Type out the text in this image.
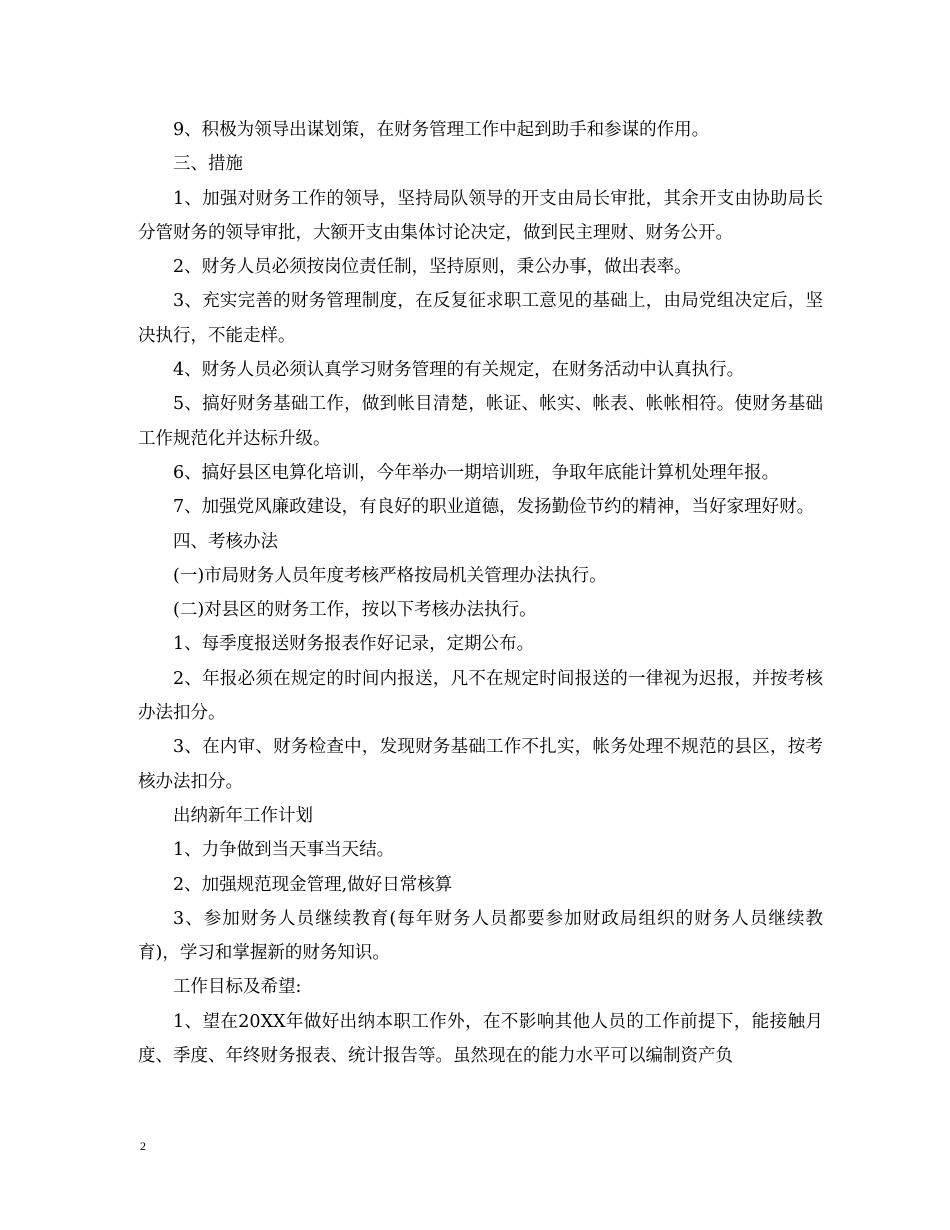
9、积极为领导出谋划策，在财务管理工作中起到助手和参谋的作用。

三、措施

1、加强对财务工作的领导，坚持局队领导的开支由局长审批，其余开支由协助局长分管财务的领导审批，大额开支由集体讨论决定，做到民主理财、财务公开。

2、财务人员必须按岗位责任制，坚持原则，秉公办事，做出表率。

3、充实完善的财务管理制度，在反复征求职工意见的基础上，由局党组决定后，坚决执行，不能走样。

4、财务人员必须认真学习财务管理的有关规定，在财务活动中认真执行。

5、搞好财务基础工作，做到帐目清楚，帐证、帐实、帐表、帐帐相符。使财务基础工作规范化并达标升级。

6、搞好县区电算化培训，今年举办一期培训班，争取年底能计算机处理年报。

7、加强党风廉政建设，有良好的职业道德，发扬勤俭节约的精神，当好家理好财。

四、考核办法

(一)市局财务人员年度考核严格按局机关管理办法执行。

(二)对县区的财务工作，按以下考核办法执行。

1、每季度报送财务报表作好记录，定期公布。

2、年报必须在规定的时间内报送，凡不在规定时间报送的一律视为迟报，并按考核办法扣分。

3、在内审、财务检查中，发现财务基础工作不扎实，帐务处理不规范的县区，按考核办法扣分。

出纳新年工作计划

1、力争做到当天事当天结。

2、加强规范现金管理,做好日常核算

3、参加财务人员继续教育(每年财务人员都要参加财政局组织的财务人员继续教育)，学习和掌握新的财务知识。

工作目标及希望:

1、望在20XX年做好出纳本职工作外，在不影响其他人员的工作前提下，能接触月度、季度、年终财务报表、统计报告等。虽然现在的能力水平可以编制资产负

2
